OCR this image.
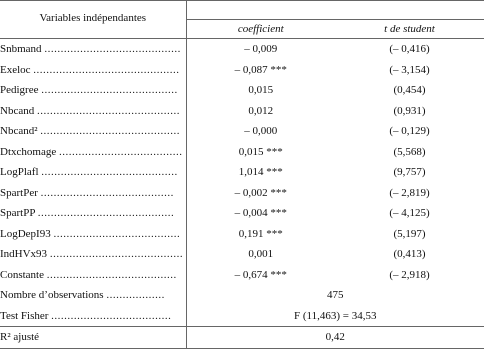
Variables indépendantes		
	coefficient	t de student
Snbmand ..........................................	– 0,009	(– 0,416)
Exeloc .............................................	– 0,087 ***	(– 3,154)
Pedigree ..........................................	0,015	(0,454)
Nbcand ............................................	0,012	(0,931)
Nbcand² ...........................................	– 0,000	(– 0,129)
Dtxchomage ......................................	0,015 ***	(5,568)
LogPlafl ..........................................	1,014 ***	(9,757)
SpartPer .........................................	– 0,002 ***	(– 2,819)
SpartPP ..........................................	– 0,004 ***	(– 4,125)
LogDepI93 .......................................	0,191 ***	(5,197)
IndHVx93 .........................................	0,001	(0,413)
Constante ........................................	– 0,674 ***	(– 2,918)
Nombre d’observations ..................	475	
Test Fisher .....................................	F (11,463) = 34,53	
R² ajusté	0,42	
